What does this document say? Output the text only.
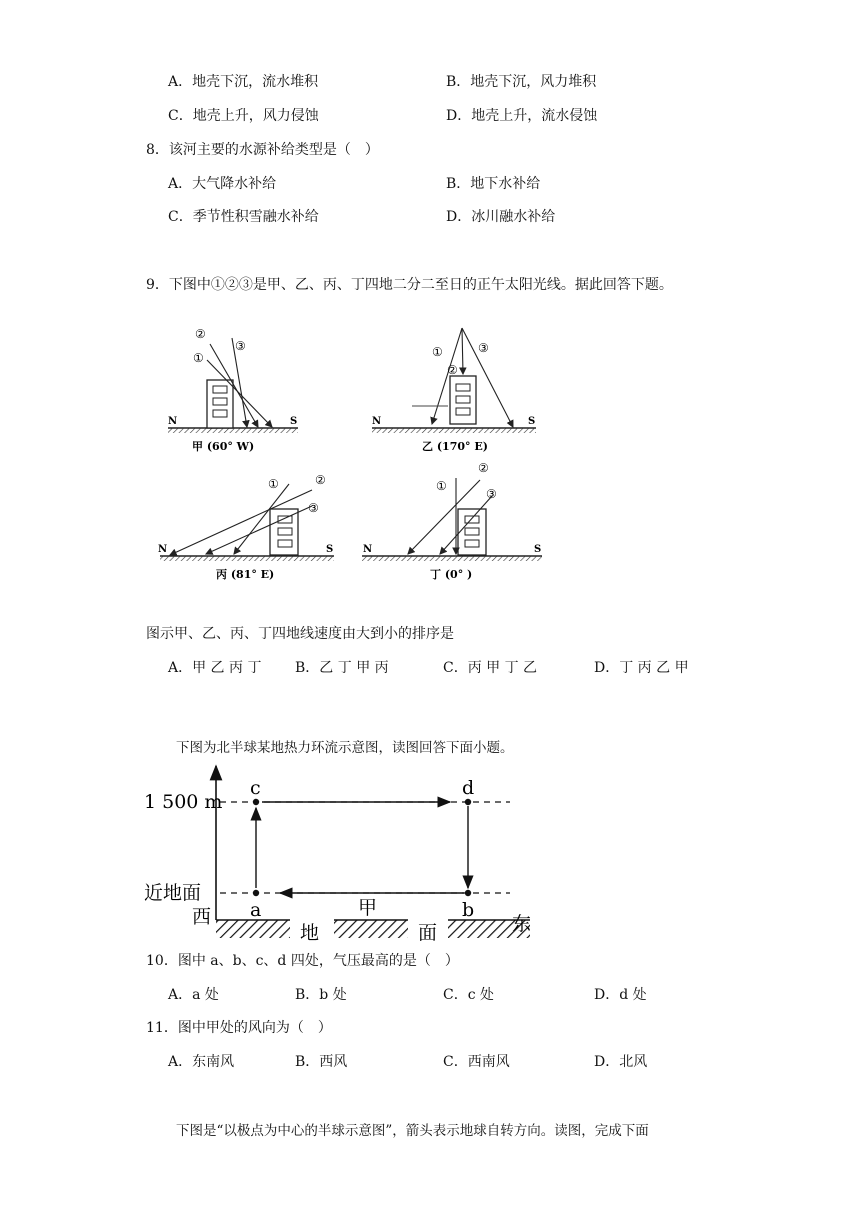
A．地壳下沉，流水堆积	B．地壳下沉，风力堆积
C．地壳上升，风力侵蚀	D．地壳上升，流水侵蚀
8．该河主要的水源补给类型是（　）
A．大气降水补给	B．地下水补给
C．季节性积雪融水补给	D．冰川融水补给
9．下图中①②③是甲、乙、丙、丁四地二分二至日的正午太阳光线。据此回答下题。
②
①
③
N	S
甲 (60° W)
①
②
③
N	S
乙 (170° E)
①	②
③
N	S
丙 (81° E)
①
②
③
N	S
丁 (0° )
图示甲、乙、丙、丁四地线速度由大到小的排序是
A．甲 乙 丙 丁 B．乙 丁 甲 丙	C．丙 甲 丁 乙	D．丁 丙 乙 甲
下图为北半球某地热力环流示意图，读图回答下面小题。
1 500 m
近地面
西	东
c	d
a	b
甲
地	面
10．图中 a、b、c、d 四处，气压最高的是（　）
A．a 处	B．b 处	C．c 处	D．d 处
11．图中甲处的风向为（　）
A．东南风	B．西风	C．西南风	D．北风
下图是“以极点为中心的半球示意图”，箭头表示地球自转方向。读图，完成下面
